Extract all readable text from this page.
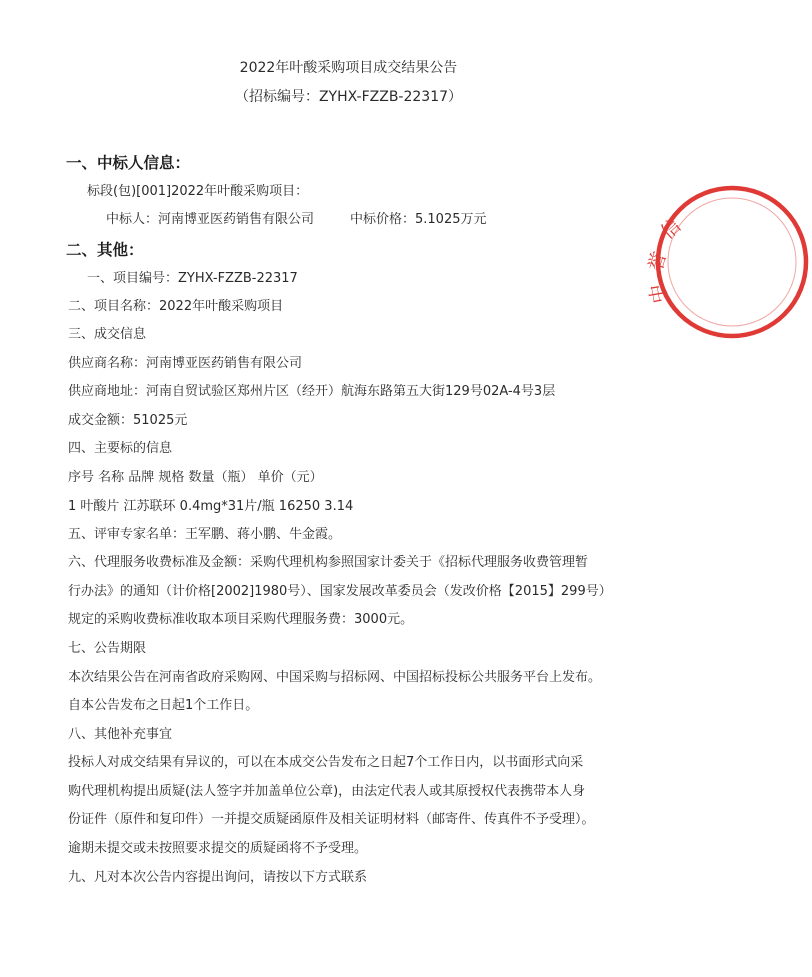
2022年叶酸采购项目成交结果公告
（招标编号：ZYHX-FZZB-22317）
一、中标人信息：
标段(包)[001]2022年叶酸采购项目：
中标人：河南博亚医药销售有限公司	中标价格：5.1025万元
二、其他：
一、项目编号：ZYHX-FZZB-22317
二、项目名称：2022年叶酸采购项目
三、成交信息
供应商名称：河南博亚医药销售有限公司
供应商地址：河南自贸试验区郑州片区（经开）航海东路第五大街129号02A-4号3层
成交金额：51025元
四、主要标的信息
序号 名称 品牌 规格 数量（瓶） 单价（元）
1 叶酸片 江苏联环 0.4mg*31片/瓶 16250 3.14
五、评审专家名单：王军鹏、蒋小鹏、牛金霞。
六、代理服务收费标准及金额：采购代理机构参照国家计委关于《招标代理服务收费管理暂
行办法》的通知（计价格[2002]1980号）、国家发展改革委员会（发改价格【2015】299号）
规定的采购收费标准收取本项目采购代理服务费：3000元。
七、公告期限
本次结果公告在河南省政府采购网、中国采购与招标网、中国招标投标公共服务平台上发布。
自本公告发布之日起1个工作日。
八、其他补充事宜
投标人对成交结果有异议的，可以在本成交公告发布之日起7个工作日内，以书面形式向采
购代理机构提出质疑(法人签字并加盖单位公章)，由法定代表人或其原授权代表携带本人身
份证件（原件和复印件）一并提交质疑函原件及相关证明材料（邮寄件、传真件不予受理）。
逾期未提交或未按照要求提交的质疑函将不予受理。
九、凡对本次公告内容提出询问，请按以下方式联系
信
誉
中
